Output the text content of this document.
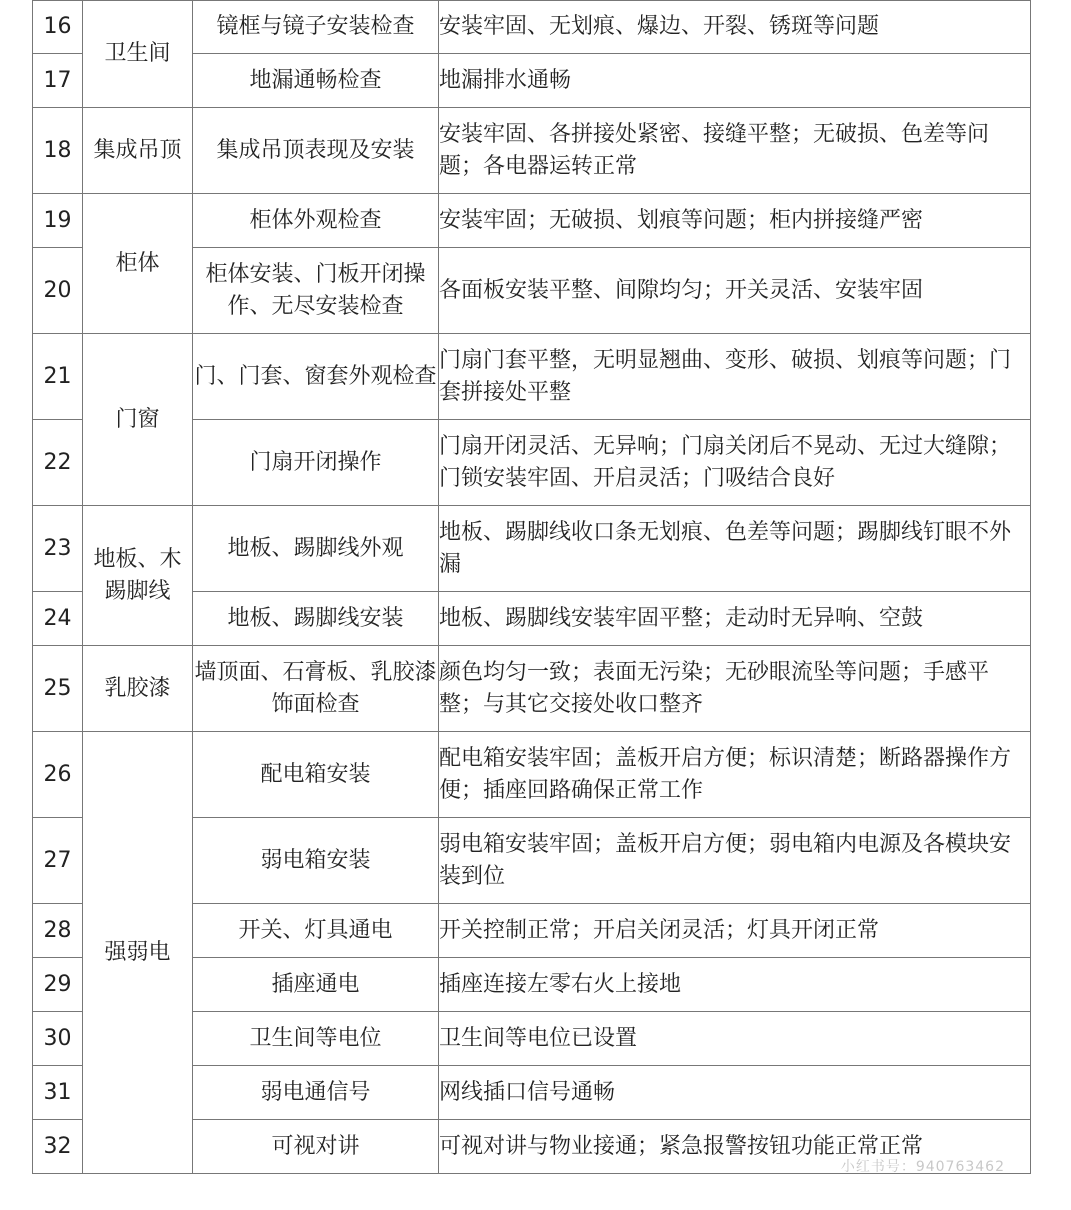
16	卫生间	镜框与镜子安装检查	安装牢固、无划痕、爆边、开裂、锈斑等问题
17		地漏通畅检查	地漏排水通畅
18	集成吊顶	集成吊顶表现及安装	安装牢固、各拼接处紧密、接缝平整；无破损、色差等问题；各电器运转正常
19	柜体	柜体外观检查	安装牢固；无破损、划痕等问题；柜内拼接缝严密
20		柜体安装、门板开闭操作、无尽安装检查	各面板安装平整、间隙均匀；开关灵活、安装牢固
21	门窗	门、门套、窗套外观检查	门扇门套平整，无明显翘曲、变形、破损、划痕等问题；门套拼接处平整
22		门扇开闭操作	门扇开闭灵活、无异响；门扇关闭后不晃动、无过大缝隙；门锁安装牢固、开启灵活；门吸结合良好
23	地板、木踢脚线	地板、踢脚线外观	地板、踢脚线收口条无划痕、色差等问题；踢脚线钉眼不外漏
24		地板、踢脚线安装	地板、踢脚线安装牢固平整；走动时无异响、空鼓
25	乳胶漆	墙顶面、石膏板、乳胶漆饰面检查	颜色均匀一致；表面无污染；无砂眼流坠等问题；手感平整；与其它交接处收口整齐
26	强弱电	配电箱安装	配电箱安装牢固；盖板开启方便；标识清楚；断路器操作方便；插座回路确保正常工作
27		弱电箱安装	弱电箱安装牢固；盖板开启方便；弱电箱内电源及各模块安装到位
28		开关、灯具通电	开关控制正常；开启关闭灵活；灯具开闭正常
29		插座通电	插座连接左零右火上接地
30		卫生间等电位	卫生间等电位已设置
31		弱电通信号	网线插口信号通畅
32		可视对讲	可视对讲与物业接通；紧急报警按钮功能正常正常
小红书号：940763462
